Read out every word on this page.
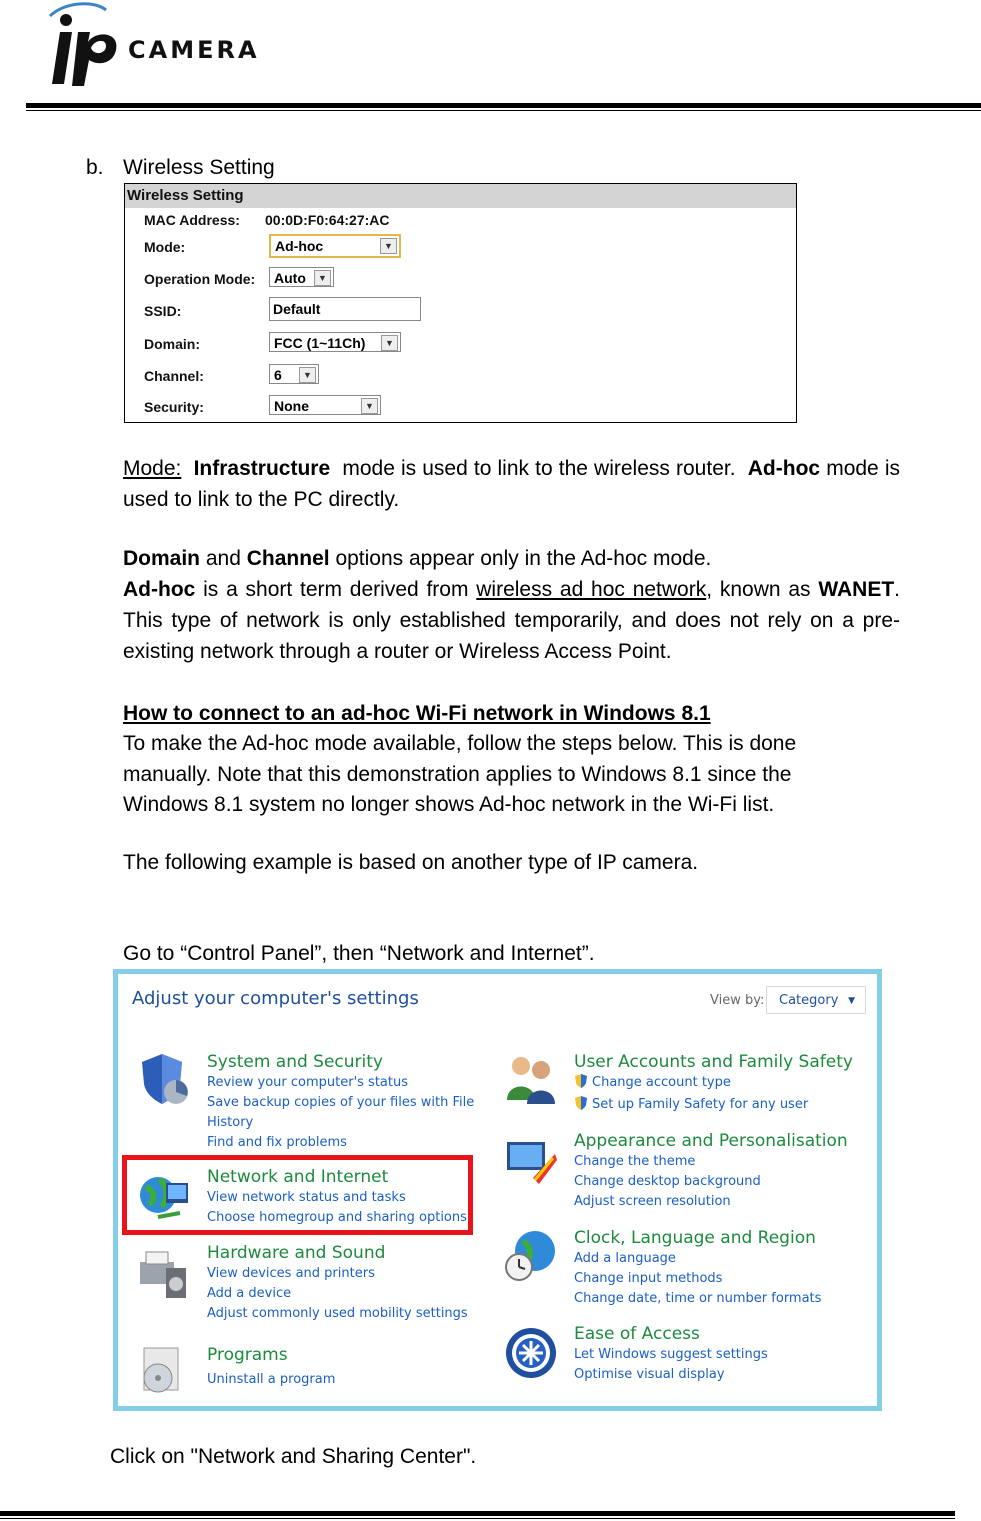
CAMERA
b. Wireless Setting
Wireless Setting
MAC Address: 00:0D:F0:64:27:AC
Mode:	Ad-hoc	▼
Operation Mode:	Auto	▼
SSID:	Default
Domain:	FCC (1~11Ch)	▼
Channel:	6	▼
Security:	None	▼
Mode: Infrastructure mode is used to link to the wireless router. Ad-hoc mode is used to link to the PC directly.
Domain and Channel options appear only in the Ad-hoc mode.
Ad-hoc is a short term derived from wireless ad hoc network, known as WANET. This type of network is only established temporarily, and does not rely on a pre-existing network through a router or Wireless Access Point.
How to connect to an ad-hoc Wi-Fi network in Windows 8.1
To make the Ad-hoc mode available, follow the steps below. This is done
manually. Note that this demonstration applies to Windows 8.1 since the
Windows 8.1 system no longer shows Ad-hoc network in the Wi-Fi list.
The following example is based on another type of IP camera.
Go to “Control Panel”, then “Network and Internet”.
Adjust your computer's settings	View by:	Category ▼
System and Security
Review your computer's status
Save backup copies of your files with File
History
Find and fix problems
Network and Internet
View network status and tasks
Choose homegroup and sharing options
Hardware and Sound
View devices and printers
Add a device
Adjust commonly used mobility settings
Programs
Uninstall a program
User Accounts and Family Safety
Change account type
Set up Family Safety for any user
Appearance and Personalisation
Change the theme
Change desktop background
Adjust screen resolution
Clock, Language and Region
Add a language
Change input methods
Change date, time or number formats
Ease of Access
Let Windows suggest settings
Optimise visual display
Click on "Network and Sharing Center".
